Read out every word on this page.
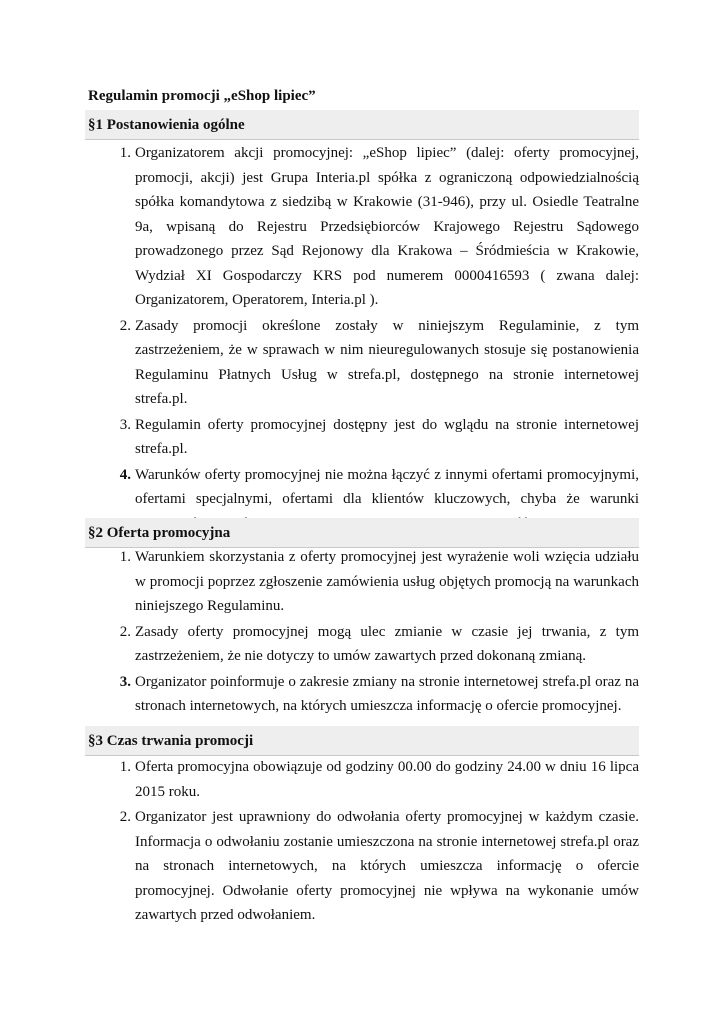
Regulamin promocji „eShop lipiec”
§1 Postanowienia ogólne
1. Organizatorem akcji promocyjnej: „eShop lipiec” (dalej: oferty promocyjnej, promocji, akcji) jest Grupa Interia.pl spółka z ograniczoną odpowiedzialnością spółka komandytowa z siedzibą w Krakowie (31-946), przy ul. Osiedle Teatralne 9a, wpisaną do Rejestru Przedsiębiorców Krajowego Rejestru Sądowego prowadzonego przez Sąd Rejonowy dla Krakowa – Śródmieścia w Krakowie, Wydział XI Gospodarczy KRS pod numerem 0000416593 ( zwana dalej: Organizatorem, Operatorem, Interia.pl ).
2. Zasady promocji określone zostały w niniejszym Regulaminie, z tym zastrzeżeniem, że w sprawach w nim nieuregulowanych stosuje się postanowienia Regulaminu Płatnych Usług w strefa.pl, dostępnego na stronie internetowej strefa.pl.
3. Regulamin oferty promocyjnej dostępny jest do wglądu na stronie internetowej strefa.pl.
4. Warunków oferty promocyjnej nie można łączyć z innymi ofertami promocyjnymi, ofertami specjalnymi, ofertami dla klientów kluczowych, chyba że warunki
§2 Oferta promocyjna
1. Warunkiem skorzystania z oferty promocyjnej jest wyrażenie woli wzięcia udziału w promocji poprzez zgłoszenie zamówienia usług objętych promocją na warunkach niniejszego Regulaminu.
2. Zasady oferty promocyjnej mogą ulec zmianie w czasie jej trwania, z tym zastrzeżeniem, że nie dotyczy to umów zawartych przed dokonaną zmianą.
3. Organizator poinformuje o zakresie zmiany na stronie internetowej strefa.pl oraz na stronach internetowych, na których umieszcza informację o ofercie promocyjnej.
§3 Czas trwania promocji
1. Oferta promocyjna obowiązuje od godziny 00.00 do godziny 24.00 w dniu 16 lipca 2015 roku.
2. Organizator jest uprawniony do odwołania oferty promocyjnej w każdym czasie. Informacja o odwołaniu zostanie umieszczona na stronie internetowej strefa.pl oraz na stronach internetowych, na których umieszcza informację o ofercie promocyjnej. Odwołanie oferty promocyjnej nie wpływa na wykonanie umów zawartych przed odwołaniem.
